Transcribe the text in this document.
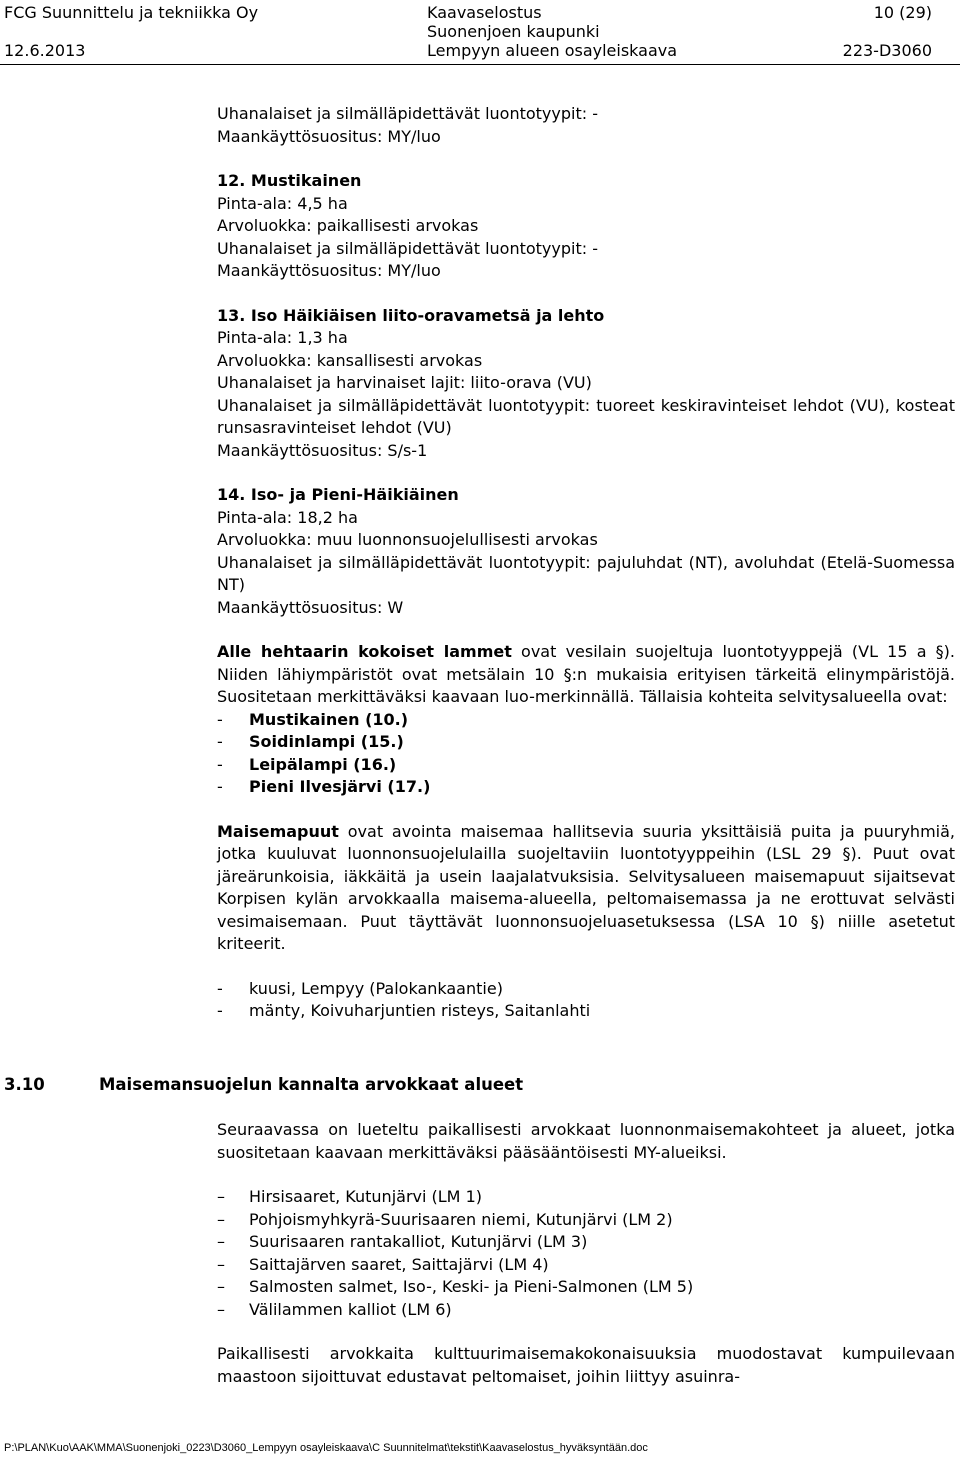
FCG Suunnittelu ja tekniikka Oy	Kaavaselostus	10 (29)
Suonenjoen kaupunki
12.6.2013	Lempyyn alueen osayleiskaava	223-D3060

Uhanalaiset ja silmälläpidettävät luontotyypit: -

Maankäyttösuositus: MY/luo

12. Mustikainen

Pinta-ala: 4,5 ha

Arvoluokka: paikallisesti arvokas

Uhanalaiset ja silmälläpidettävät luontotyypit: -

Maankäyttösuositus: MY/luo

13. Iso Häikiäisen liito-oravametsä ja lehto

Pinta-ala: 1,3 ha

Arvoluokka: kansallisesti arvokas

Uhanalaiset ja harvinaiset lajit: liito-orava (VU)

Uhanalaiset ja silmälläpidettävät luontotyypit: tuoreet keskiravinteiset lehdot (VU), kosteat runsasravinteiset lehdot (VU)

Maankäyttösuositus: S/s-1

14. Iso- ja Pieni-Häikiäinen

Pinta-ala: 18,2 ha

Arvoluokka: muu luonnonsuojelullisesti arvokas

Uhanalaiset ja silmälläpidettävät luontotyypit: pajuluhdat (NT), avoluhdat (Etelä-Suomessa NT)

Maankäyttösuositus: W

Alle hehtaarin kokoiset lammet ovat vesilain suojeltuja luontotyyppejä (VL 15 a §). Niiden lähiympäristöt ovat metsälain 10 §:n mukaisia erityisen tärkeitä elinympäristöjä. Suositetaan merkittäväksi kaavaan luo-merkinnällä. Tällaisia kohteita selvitysalueella ovat:

-	Mustikainen (10.)
-	Soidinlampi (15.)
-	Leipälampi (16.)
-	Pieni Ilvesjärvi (17.)

Maisemapuut ovat avointa maisemaa hallitsevia suuria yksittäisiä puita ja puuryhmiä, jotka kuuluvat luonnonsuojelulailla suojeltaviin luontotyyppeihin (LSL 29 §). Puut ovat järeärunkoisia, iäkkäitä ja usein laajalatvuksisia. Selvitysalueen maisemapuut sijaitsevat Korpisen kylän arvokkaalla maisema-alueella, peltomaisemassa ja ne erottuvat selvästi vesimaisemaan. Puut täyttävät luonnonsuojeluasetuksessa (LSA 10 §) niille asetetut kriteerit.

-	kuusi, Lempyy (Palokankaantie)
-	mänty, Koivuharjuntien risteys, Saitanlahti
3.10	Maisemansuojelun kannalta arvokkaat alueet

Seuraavassa on lueteltu paikallisesti arvokkaat luonnonmaisemakohteet ja alueet, jotka suositetaan kaavaan merkittäväksi pääsääntöisesti MY-alueiksi.

–	Hirsisaaret, Kutunjärvi (LM 1)
–	Pohjoismyhkyrä-Suurisaaren niemi, Kutunjärvi (LM 2)
–	Suurisaaren rantakalliot, Kutunjärvi (LM 3)
–	Saittajärven saaret, Saittajärvi (LM 4)
–	Salmosten salmet, Iso-, Keski- ja Pieni-Salmonen (LM 5)
–	Välilammen kalliot (LM 6)

Paikallisesti arvokkaita kulttuurimaisemakokonaisuuksia muodostavat kumpuilevaan maastoon sijoittuvat edustavat peltomaiset, joihin liittyy asuinra-

P:\PLAN\Kuo\AAK\MMA\Suonenjoki_0223\D3060_Lempyyn osayleiskaava\C Suunnitelmat\tekstit\Kaavaselostus_hyväksyntään.doc
